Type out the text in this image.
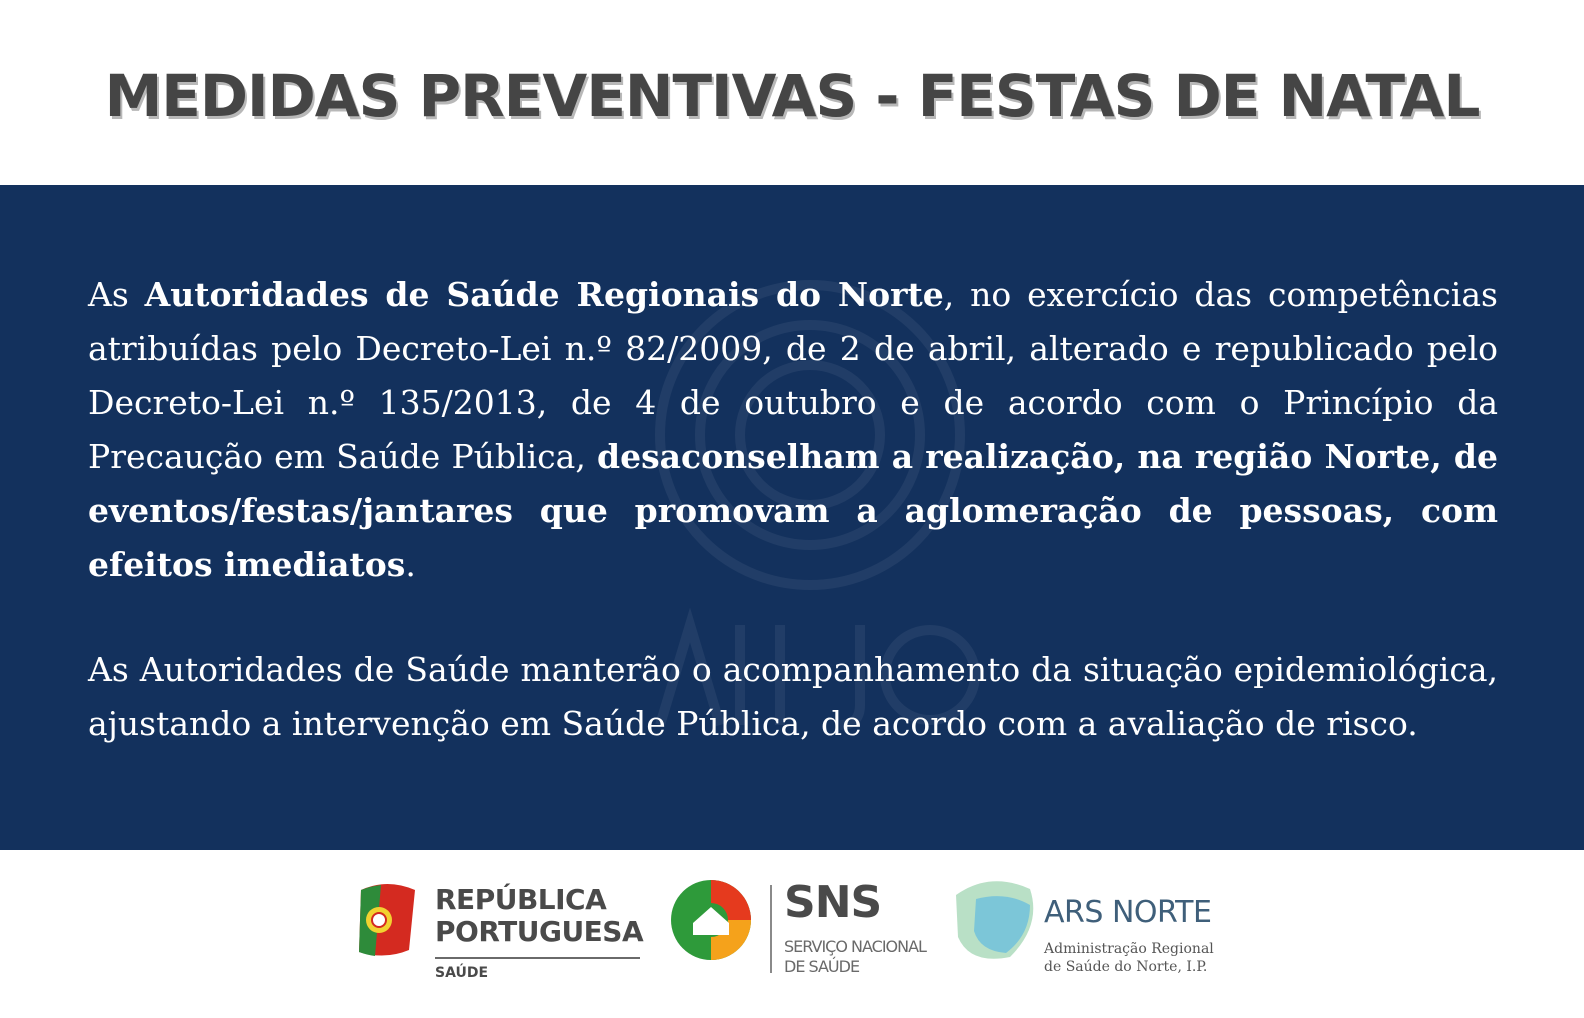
MEDIDAS PREVENTIVAS - FESTAS DE NATAL

As Autoridades de Saúde Regionais do Norte, no exercício das competências atribuídas pelo Decreto-Lei n.º 82/2009, de 2 de abril, alterado e republicado pelo Decreto-Lei n.º 135/2013, de 4 de outubro e de acordo com o Princípio da Precaução em Saúde Pública, desaconselham a realização, na região Norte, de eventos/festas/jantares que promovam a aglomeração de pessoas, com efeitos imediatos.

As Autoridades de Saúde manterão o acompanhamento da situação epidemiológica, ajustando a intervenção em Saúde Pública, de acordo com a avaliação de risco.

REPÚBLICA
PORTUGUESA
SAÚDE
SNS
SERVIÇO NACIONAL
DE SAÚDE
ARS NORTE
Administração Regional
de Saúde do Norte, I.P.
